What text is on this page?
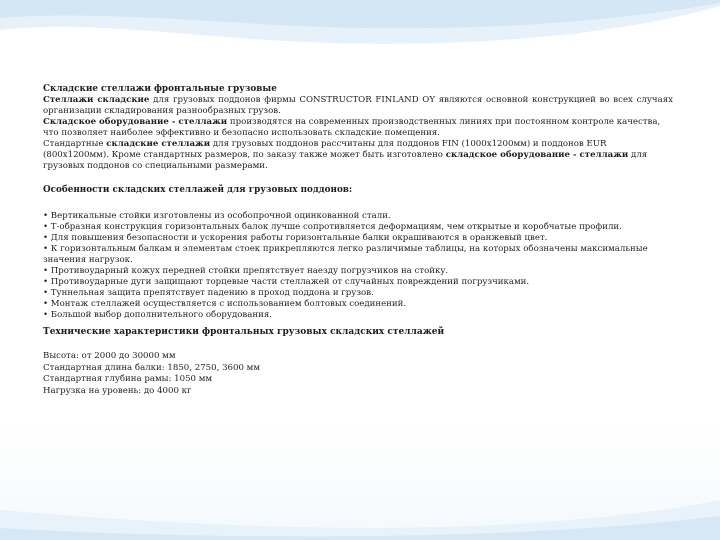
Складские стеллажи фронтальные грузовые

Стеллажи складские для грузовых поддонов фирмы CONSTRUCTOR FINLAND OY являются основной конструкцией во всех случаях организации складирования разнообразных грузов.

Складское оборудование - стеллажи производятся на современных производственных линиях при постоянном контроле качества, что позволяет наиболее эффективно и безопасно использовать складские помещения.

Стандартные складские стеллажи для грузовых поддонов рассчитаны для поддонов FIN (1000x1200мм) и поддонов EUR (800x1200мм). Кроме стандартных размеров, по заказу также может быть изготовлено складское оборудование - стеллажи для грузовых поддонов со специальными размерами.

Особенности складских стеллажей для грузовых поддонов:

• Вертикальные стойки изготовлены из особопрочной оцинкованной стали.
• Т-образная конструкция горизонтальных балок лучше сопротивляется деформациям, чем открытые и коробчатые профили.
• Для повышения безопасности и ускорения работы горизонтальные балки окрашиваются в оранжевый цвет.
• К горизонтальным балкам и элементам стоек прикрепляются легко различимые таблицы, на которых обозначены максимальные значения нагрузок.
• Противоударный кожух передней стойки препятствует наезду погрузчиков на стойку.
• Противоударные дуги защищают торцевые части стеллажей от случайных повреждений погрузчиками.
• Туннельная защита препятствует падению в проход поддона и грузов.
• Монтаж стеллажей осуществляется с использованием болтовых соединений.
• Большой выбор дополнительного оборудования.

Технические характеристики фронтальных грузовых складских стеллажей

Высота: от 2000 до 30000 мм
Стандартная длина балки: 1850, 2750, 3600 мм
Стандартная глубина рамы: 1050 мм
Нагрузка на уровень: до 4000 кг
